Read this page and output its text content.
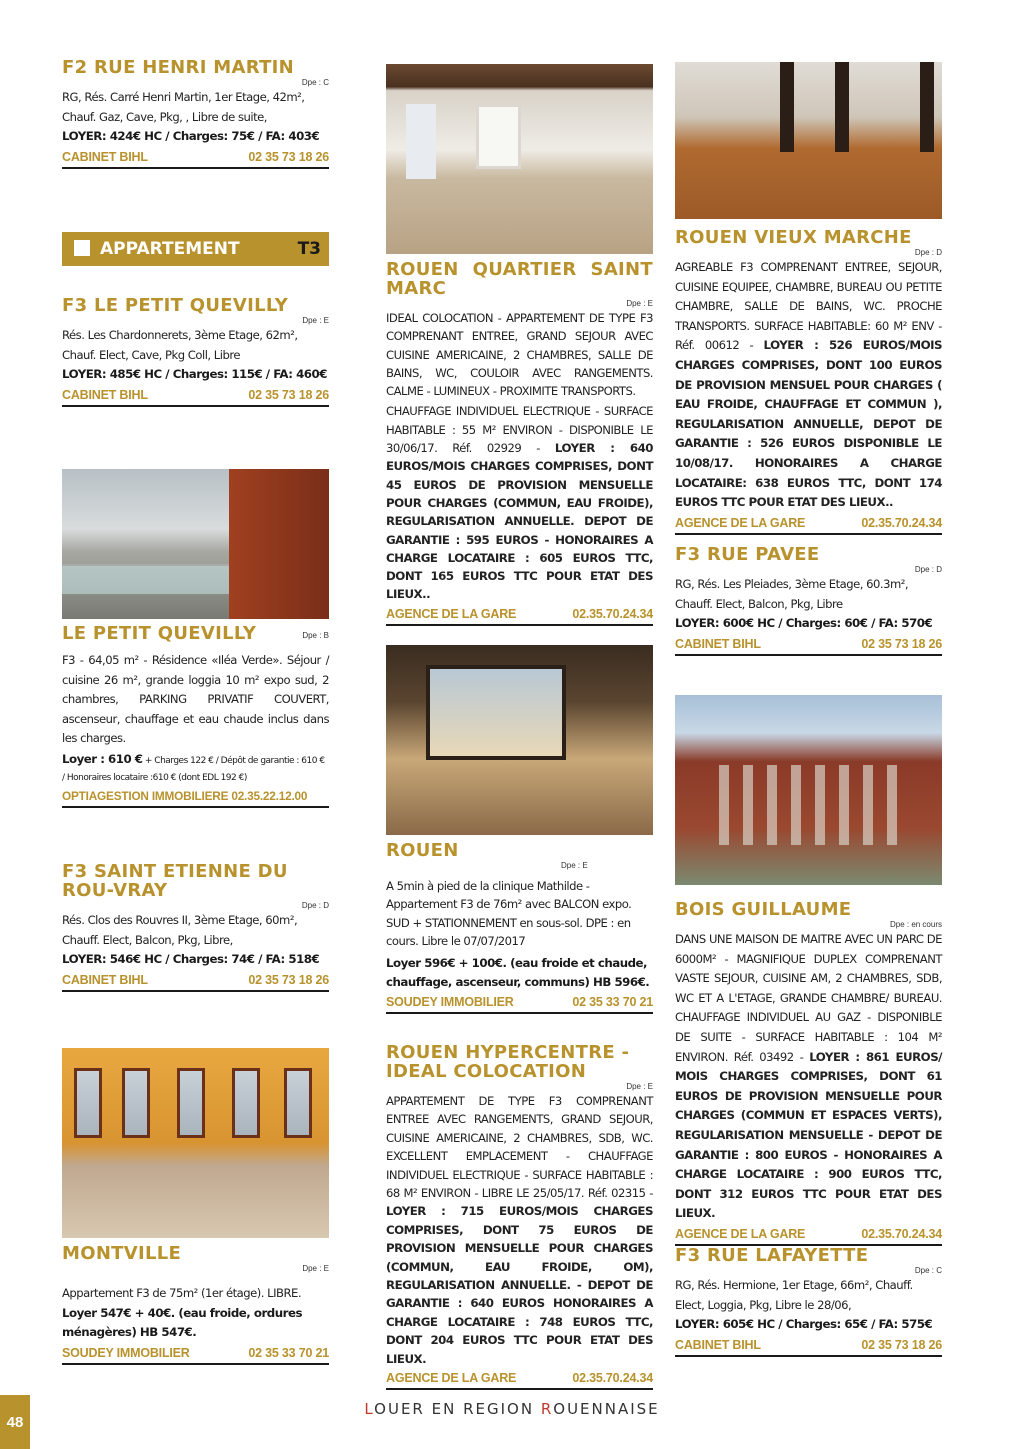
F2 RUE HENRI MARTIN
Dpe : C
RG, Rés. Carré Henri Martin, 1er Etage, 42m², Chauf. Gaz, Cave, Pkg, , Libre de suite,
LOYER: 424€ HC / Charges: 75€ / FA: 403€
CABINET BIHL	02 35 73 18 26
APPARTEMENT	T3
F3 LE PETIT QUEVILLY
Dpe : E
Rés. Les Chardonnerets, 3ème Etage, 62m², Chauf. Elect, Cave, Pkg Coll, Libre
LOYER: 485€ HC / Charges: 115€ / FA: 460€
CABINET BIHL	02 35 73 18 26
LE PETIT QUEVILLY	Dpe : B
F3 - 64,05 m² - Résidence «Iléa Verde». Séjour / cuisine 26 m², grande loggia 10 m² expo sud, 2 chambres, PARKING PRIVATIF COUVERT, ascenseur, chauffage et eau chaude inclus dans les charges.
Loyer : 610 € + Charges 122 € / Dépôt de garantie : 610 € / Honoraires locataire :610 € (dont EDL 192 €)
OPTIAGESTION IMMOBILIERE 02.35.22.12.00
F3 SAINT ETIENNE DU ROU-VRAY
Dpe : D
Rés. Clos des Rouvres II, 3ème Etage, 60m², Chauff. Elect, Balcon, Pkg, Libre,
LOYER: 546€ HC / Charges: 74€ / FA: 518€
CABINET BIHL	02 35 73 18 26
MONTVILLE
Dpe : E
Appartement F3 de 75m² (1er étage). LIBRE.
Loyer 547€ + 40€. (eau froide, ordures ménagères) HB 547€.
SOUDEY IMMOBILIER	02 35 33 70 21
ROUEN QUARTIER SAINT MARC
Dpe : E
IDEAL COLOCATION - APPARTEMENT DE TYPE F3 COMPRENANT ENTREE, GRAND SEJOUR AVEC CUISINE AMERICAINE, 2 CHAMBRES, SALLE DE BAINS, WC, COULOIR AVEC RANGEMENTS. CALME - LUMINEUX - PROXIMITE TRANSPORTS.
CHAUFFAGE INDIVIDUEL ELECTRIQUE - SURFACE HABITABLE : 55 M² ENVIRON - DISPONIBLE LE 30/06/17. Réf. 02929 - LOYER : 640 EUROS/MOIS CHARGES COMPRISES, DONT 45 EUROS DE PROVISION MENSUELLE POUR CHARGES (COMMUN, EAU FROIDE), REGULARISATION ANNUELLE. DEPOT DE GARANTIE : 595 EUROS - HONORAIRES A CHARGE LOCATAIRE : 605 EUROS TTC, DONT 165 EUROS TTC POUR ETAT DES LIEUX..
AGENCE DE LA GARE	02.35.70.24.34
ROUEN
Dpe : E
A 5min à pied de la clinique Mathilde -Appartement F3 de 76m² avec BALCON expo. SUD + STATIONNEMENT en sous-sol. DPE : en cours. Libre le 07/07/2017
Loyer 596€ + 100€. (eau froide et chaude, chauffage, ascenseur, communs) HB 596€.
SOUDEY IMMOBILIER	02 35 33 70 21
ROUEN HYPERCENTRE - IDEAL COLOCATION
Dpe : E
APPARTEMENT DE TYPE F3 COMPRENANT ENTREE AVEC RANGEMENTS, GRAND SEJOUR, CUISINE AMERICAINE, 2 CHAMBRES, SDB, WC. EXCELLENT EMPLACEMENT - CHAUFFAGE INDIVIDUEL ELECTRIQUE - SURFACE HABITABLE : 68 M² ENVIRON - LIBRE LE 25/05/17. Réf. 02315 - LOYER : 715 EUROS/MOIS CHARGES COMPRISES, DONT 75 EUROS DE PROVISION MENSUELLE POUR CHARGES (COMMUN, EAU FROIDE, OM), REGULARISATION ANNUELLE. - DEPOT DE GARANTIE : 640 EUROS HONORAIRES A CHARGE LOCATAIRE : 748 EUROS TTC, DONT 204 EUROS TTC POUR ETAT DES LIEUX.
AGENCE DE LA GARE	02.35.70.24.34
ROUEN VIEUX MARCHE
Dpe : D
AGREABLE F3 COMPRENANT ENTREE, SEJOUR, CUISINE EQUIPEE, CHAMBRE, BUREAU OU PETITE CHAMBRE, SALLE DE BAINS, WC. PROCHE TRANSPORTS. SURFACE HABITABLE: 60 M² ENV - Réf. 00612 - LOYER : 526 EUROS/MOIS CHARGES COMPRISES, DONT 100 EUROS DE PROVISION MENSUEL POUR CHARGES ( EAU FROIDE, CHAUFFAGE ET COMMUN ), REGULARISATION ANNUELLE, DEPOT DE GARANTIE : 526 EUROS DISPONIBLE LE 10/08/17. HONORAIRES A CHARGE LOCATAIRE: 638 EUROS TTC, DONT 174 EUROS TTC POUR ETAT DES LIEUX..
AGENCE DE LA GARE	02.35.70.24.34
F3 RUE PAVEE
Dpe : D
RG, Rés. Les Pleiades, 3ème Etage, 60.3m², Chauff. Elect, Balcon, Pkg, Libre
LOYER: 600€ HC / Charges: 60€ / FA: 570€
CABINET BIHL	02 35 73 18 26
BOIS GUILLAUME
Dpe : en cours
DANS UNE MAISON DE MAITRE AVEC UN PARC DE 6000M² - MAGNIFIQUE DUPLEX COMPRENANT VASTE SEJOUR, CUISINE AM, 2 CHAMBRES, SDB, WC ET A L'ETAGE, GRANDE CHAMBRE/ BUREAU. CHAUFFAGE INDIVIDUEL AU GAZ - DISPONIBLE DE SUITE - SURFACE HABITABLE : 104 M² ENVIRON. Réf. 03492 - LOYER : 861 EUROS/ MOIS CHARGES COMPRISES, DONT 61 EUROS DE PROVISION MENSUELLE POUR CHARGES (COMMUN ET ESPACES VERTS), REGULARISATION MENSUELLE - DEPOT DE GARANTIE : 800 EUROS - HONORAIRES A CHARGE LOCATAIRE : 900 EUROS TTC, DONT 312 EUROS TTC POUR ETAT DES LIEUX.
AGENCE DE LA GARE	02.35.70.24.34
F3 RUE LAFAYETTE
Dpe : C
RG, Rés. Hermione, 1er Etage, 66m², Chauff. Elect, Loggia, Pkg, Libre le 28/06,
LOYER: 605€ HC / Charges: 65€ / FA: 575€
CABINET BIHL	02 35 73 18 26
48
LOUER EN REGION ROUENNAISE
